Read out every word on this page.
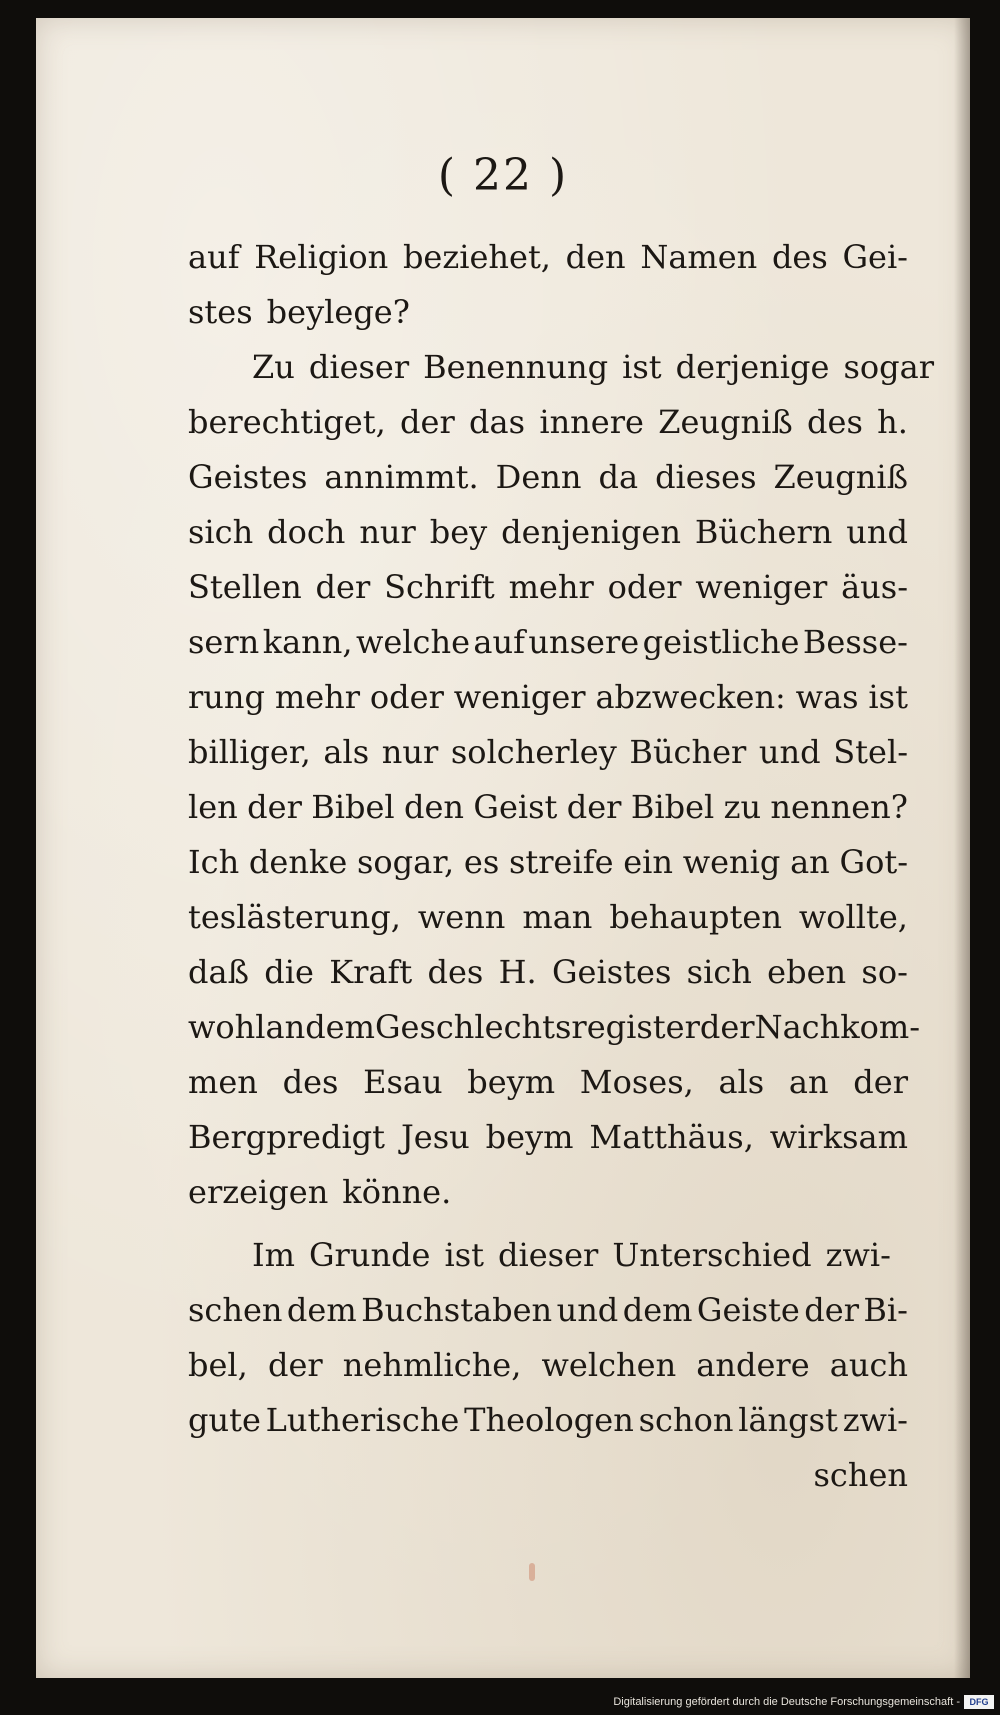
( 22 )
auf Religion beziehet, den Namen des Gei-
stes beylege?
Zu dieser Benennung ist derjenige sogar
berechtiget, der das innere Zeugniß des h.
Geistes annimmt. Denn da dieses Zeugniß
sich doch nur bey denjenigen Büchern und
Stellen der Schrift mehr oder weniger äus-
sern kann, welche auf unsere geistliche Besse-
rung mehr oder weniger abzwecken: was ist
billiger, als nur solcherley Bücher und Stel-
len der Bibel den Geist der Bibel zu nennen?
Ich denke sogar, es streife ein wenig an Got-
teslästerung, wenn man behaupten wollte,
daß die Kraft des H. Geistes sich eben so-
wohl an dem Geschlechtsregister der Nachkom-
men des Esau beym Moses, als an der
Bergpredigt Jesu beym Matthäus, wirksam
erzeigen könne.
Im Grunde ist dieser Unterschied zwi-
schen dem Buchstaben und dem Geiste der Bi-
bel, der nehmliche, welchen andere auch
gute Lutherische Theologen schon längst zwi-
schen
Digitalisierung gefördert durch die Deutsche Forschungsgemeinschaft -	DFG
